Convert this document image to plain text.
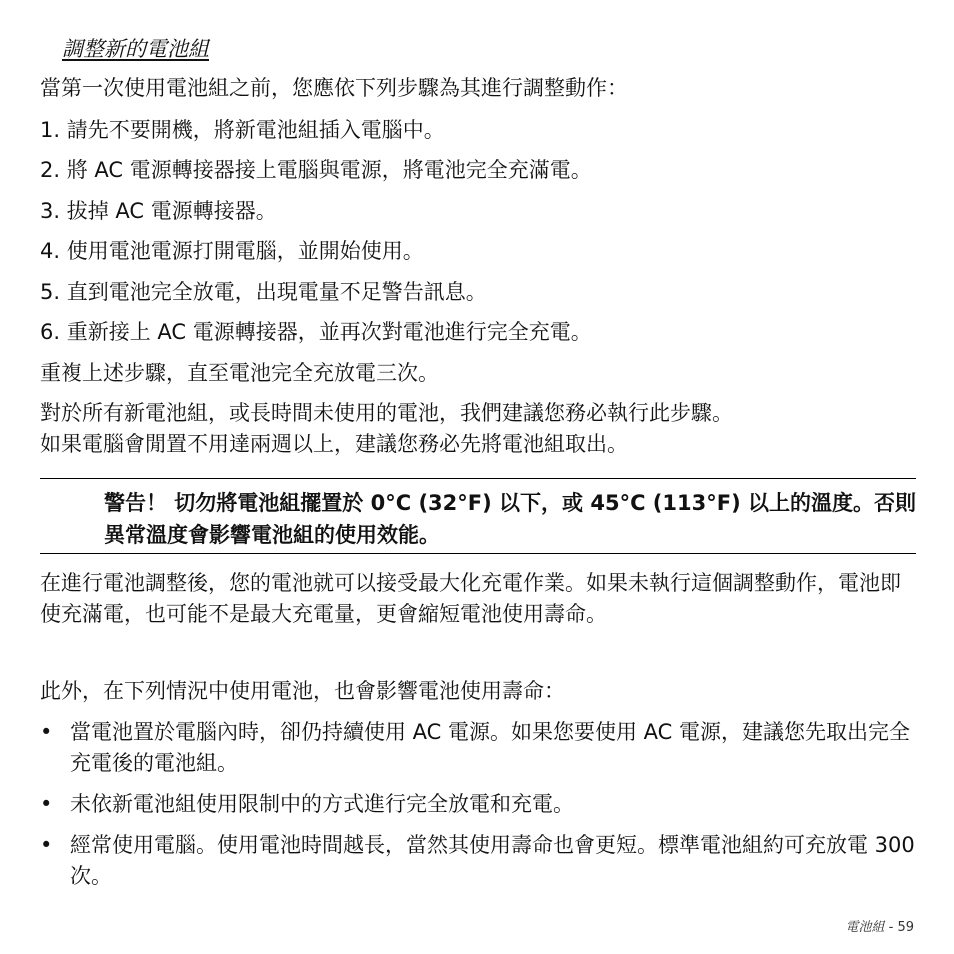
調整新的電池組
當第一次使用電池組之前，您應依下列步驟為其進行調整動作：
1. 請先不要開機，將新電池組插入電腦中。
2. 將 AC 電源轉接器接上電腦與電源，將電池完全充滿電。
3. 拔掉 AC 電源轉接器。
4. 使用電池電源打開電腦，並開始使用。
5. 直到電池完全放電，出現電量不足警告訊息。
6. 重新接上 AC 電源轉接器，並再次對電池進行完全充電。
重複上述步驟，直至電池完全充放電三次。
對於所有新電池組，或長時間未使用的電池，我們建議您務必執行此步驟。
如果電腦會閒置不用達兩週以上，建議您務必先將電池組取出。
警告！ 切勿將電池組擺置於 0°C (32°F) 以下，或 45°C (113°F) 以上的溫度。否則異常溫度會影響電池組的使用效能。
在進行電池調整後，您的電池就可以接受最大化充電作業。如果未執行這個調整動作，電池即使充滿電，也可能不是最大充電量，更會縮短電池使用壽命。
此外，在下列情況中使用電池，也會影響電池使用壽命：
• 當電池置於電腦內時，卻仍持續使用 AC 電源。如果您要使用 AC 電源，建議您先取出完全充電後的電池組。
• 未依新電池組使用限制中的方式進行完全放電和充電。
• 經常使用電腦。使用電池時間越長，當然其使用壽命也會更短。標準電池組約可充放電 300 次。
電池組 - 59
